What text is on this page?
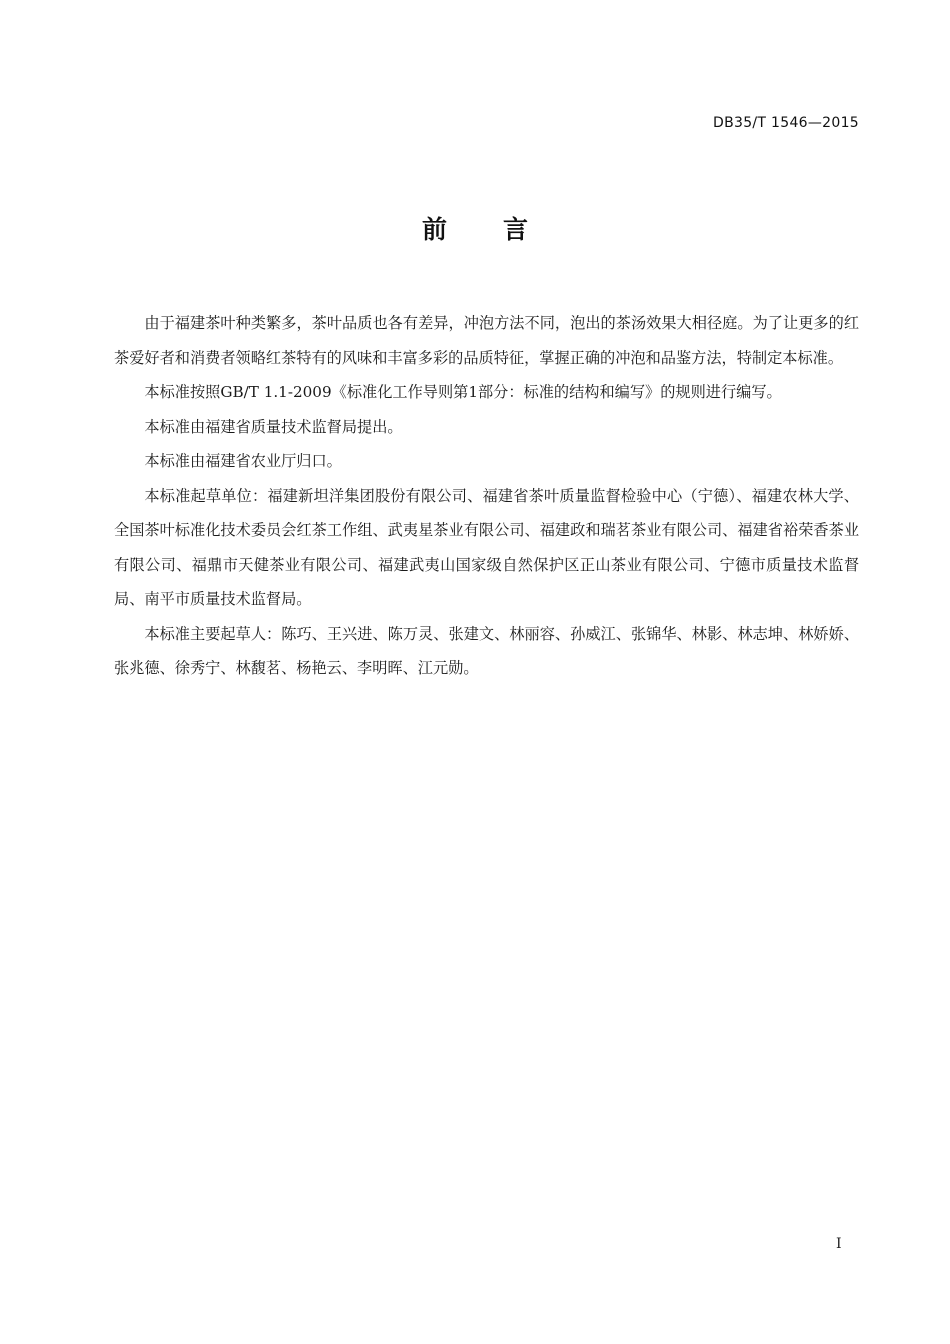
DB35/T 1546—2015
前言

由于福建茶叶种类繁多，茶叶品质也各有差异，冲泡方法不同，泡出的茶汤效果大相径庭。为了让更多的红茶爱好者和消费者领略红茶特有的风味和丰富多彩的品质特征，掌握正确的冲泡和品鉴方法，特制定本标准。

本标准按照GB/T 1.1-2009《标准化工作导则第1部分：标准的结构和编写》的规则进行编写。

本标准由福建省质量技术监督局提出。

本标准由福建省农业厅归口。

本标准起草单位：福建新坦洋集团股份有限公司、福建省茶叶质量监督检验中心（宁德）、福建农林大学、全国茶叶标准化技术委员会红茶工作组、武夷星茶业有限公司、福建政和瑞茗茶业有限公司、福建省裕荣香茶业有限公司、福鼎市天健茶业有限公司、福建武夷山国家级自然保护区正山茶业有限公司、宁德市质量技术监督局、南平市质量技术监督局。

本标准主要起草人：陈巧、王兴进、陈万灵、张建文、林丽容、孙威江、张锦华、林影、林志坤、林娇娇、张兆德、徐秀宁、林馥茗、杨艳云、李明晖、江元勋。

I
